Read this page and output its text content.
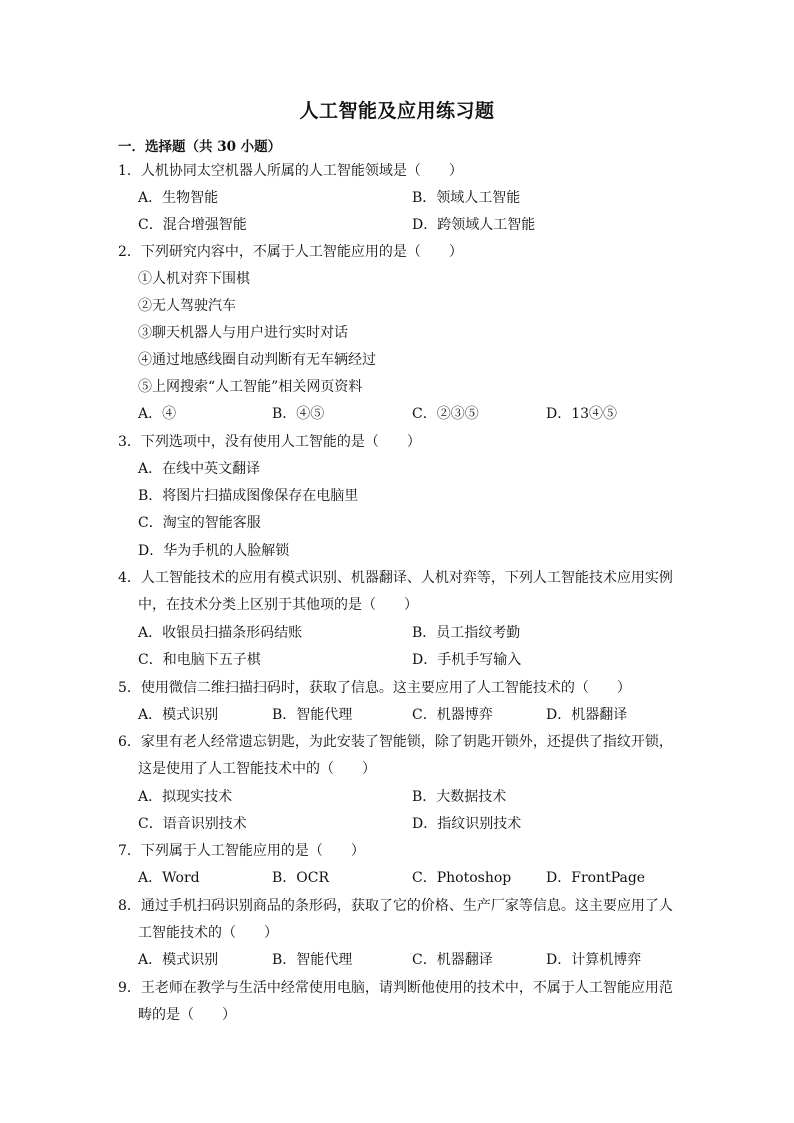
人工智能及应用练习题
一．选择题（共 30 小题）
1．人机协同太空机器人所属的人工智能领域是（　　）
A．生物智能	B．领域人工智能
C．混合增强智能	D．跨领域人工智能
2．下列研究内容中，不属于人工智能应用的是（　　）
①人机对弈下围棋
②无人驾驶汽车
③聊天机器人与用户进行实时对话
④通过地感线圈自动判断有无车辆经过
⑤上网搜索“人工智能”相关网页资料
A．④	B．④⑤	C．②③⑤	D．13④⑤
3．下列选项中，没有使用人工智能的是（　　）
A．在线中英文翻译
B．将图片扫描成图像保存在电脑里
C．淘宝的智能客服
D．华为手机的人脸解锁
4．人工智能技术的应用有模式识别、机器翻译、人机对弈等，下列人工智能技术应用实例
中，在技术分类上区别于其他项的是（　　）
A．收银员扫描条形码结账	B．员工指纹考勤
C．和电脑下五子棋	D．手机手写输入
5．使用微信二维扫描扫码时，获取了信息。这主要应用了人工智能技术的（　　）
A．模式识别	B．智能代理	C．机器博弈	D．机器翻译
6．家里有老人经常遗忘钥匙，为此安装了智能锁，除了钥匙开锁外，还提供了指纹开锁，
这是使用了人工智能技术中的（　　）
A．拟现实技术	B．大数据技术
C．语音识别技术	D．指纹识别技术
7．下列属于人工智能应用的是（　　）
A．Word	B．OCR	C．Photoshop D．FrontPage
8．通过手机扫码识别商品的条形码，获取了它的价格、生产厂家等信息。这主要应用了人
工智能技术的（　　）
A．模式识别	B．智能代理	C．机器翻译	D．计算机博弈
9．王老师在教学与生活中经常使用电脑，请判断他使用的技术中，不属于人工智能应用范
畴的是（　　）
